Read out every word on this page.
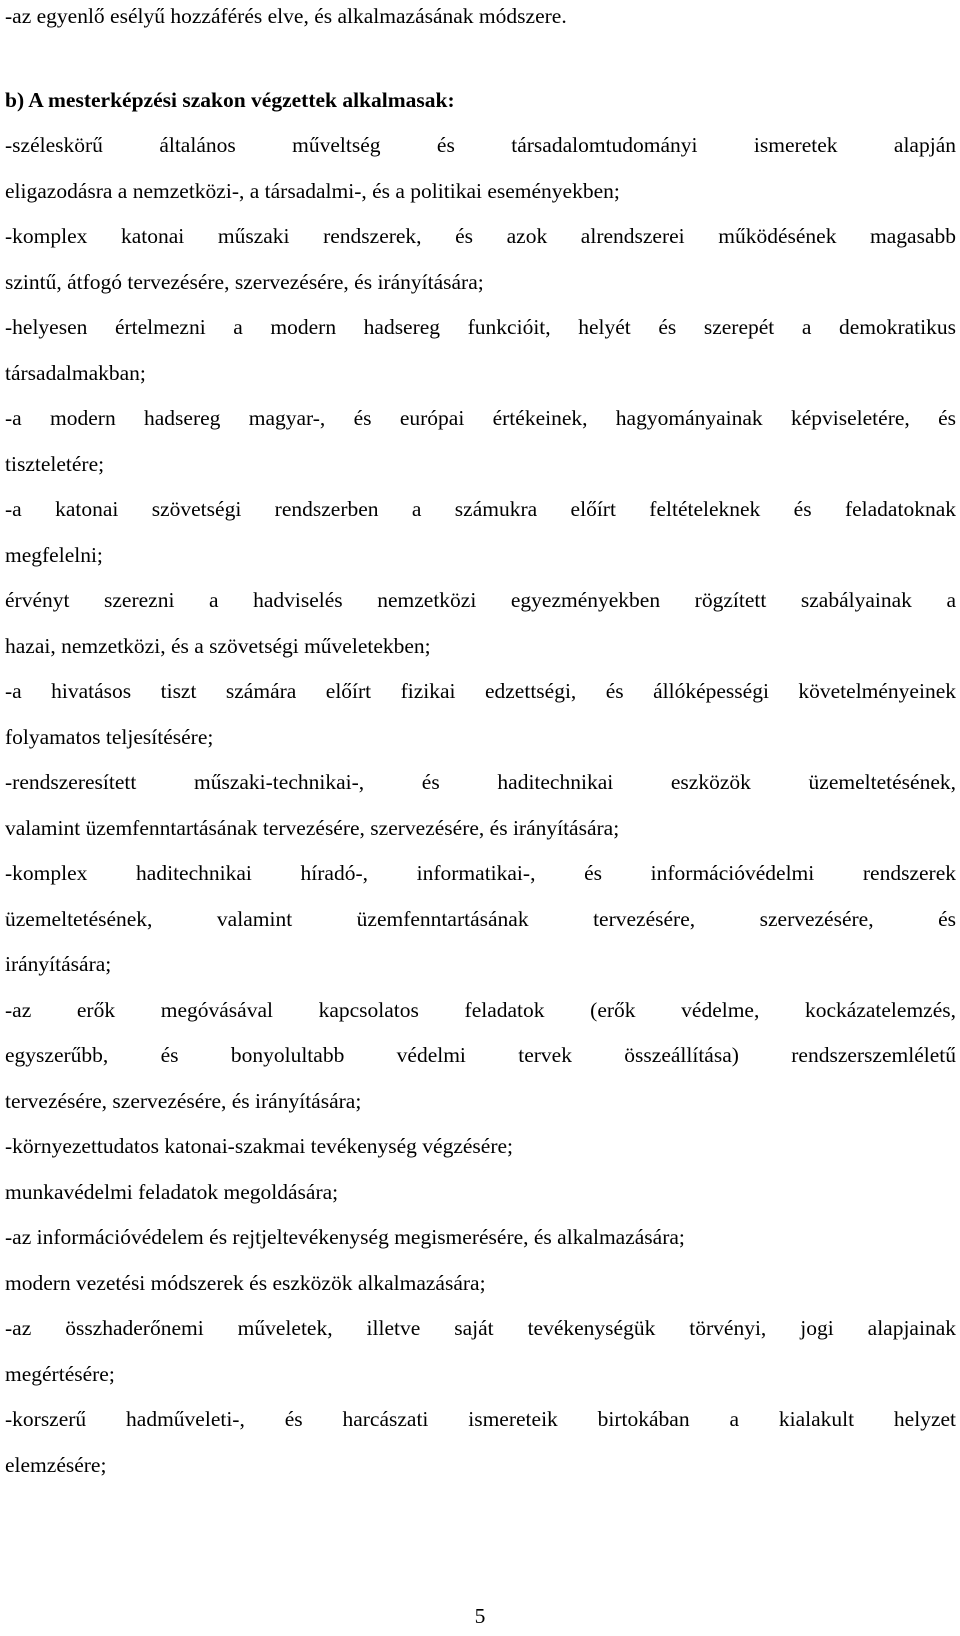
-az egyenlő esélyű hozzáférés elve, és alkalmazásának módszere.
b) A mesterképzési szakon végzettek alkalmasak:
-széleskörű általános műveltség és társadalomtudományi ismeretek alapján
eligazodásra a nemzetközi-, a társadalmi-, és a politikai eseményekben;
-komplex katonai műszaki rendszerek, és azok alrendszerei működésének magasabb
szintű, átfogó tervezésére, szervezésére, és irányítására;
-helyesen értelmezni a modern hadsereg funkcióit, helyét és szerepét a demokratikus
társadalmakban;
-a modern hadsereg magyar-, és európai értékeinek, hagyományainak képviseletére, és
tiszteletére;
-a katonai szövetségi rendszerben a számukra előírt feltételeknek és feladatoknak
megfelelni;
érvényt szerezni a hadviselés nemzetközi egyezményekben rögzített szabályainak a
hazai, nemzetközi, és a szövetségi műveletekben;
-a hivatásos tiszt számára előírt fizikai edzettségi, és állóképességi követelményeinek
folyamatos teljesítésére;
-rendszeresített műszaki-technikai-, és haditechnikai eszközök üzemeltetésének,
valamint üzemfenntartásának tervezésére, szervezésére, és irányítására;
-komplex haditechnikai híradó-, informatikai-, és információvédelmi rendszerek
üzemeltetésének, valamint üzemfenntartásának tervezésére, szervezésére, és
irányítására;
-az erők megóvásával kapcsolatos feladatok (erők védelme, kockázatelemzés,
egyszerűbb, és bonyolultabb védelmi tervek összeállítása) rendszerszemléletű
tervezésére, szervezésére, és irányítására;
-környezettudatos katonai-szakmai tevékenység végzésére;
munkavédelmi feladatok megoldására;
-az információvédelem és rejtjeltevékenység megismerésére, és alkalmazására;
modern vezetési módszerek és eszközök alkalmazására;
-az összhaderőnemi műveletek, illetve saját tevékenységük törvényi, jogi alapjainak
megértésére;
-korszerű hadműveleti-, és harcászati ismereteik birtokában a kialakult helyzet
elemzésére;
5
